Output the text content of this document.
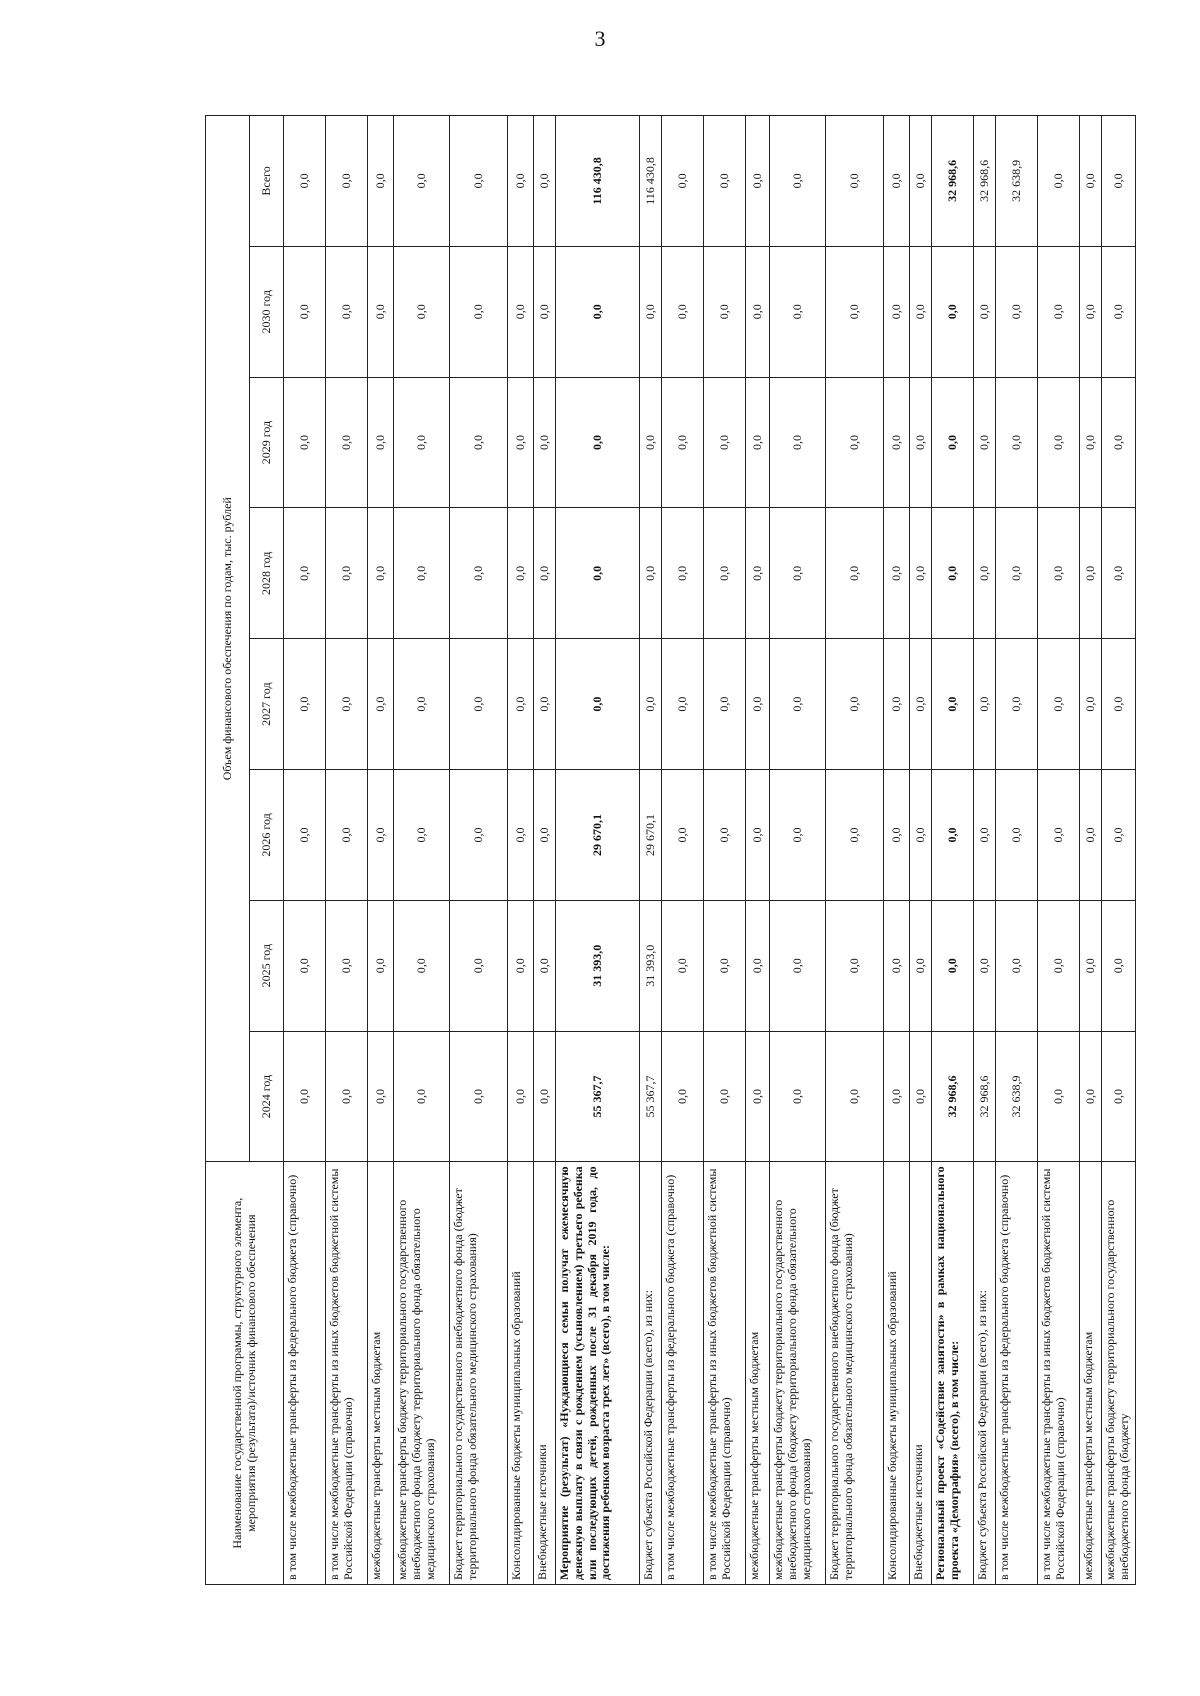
3
Наименование государственной программы, структурного элемента, мероприятия (результата)/источник финансового обеспечения	Объем финансового обеспечения по годам, тыс. рублей							
	2024 год	2025 год	2026 год	2027 год	2028 год	2029 год	2030 год	Всего
в том числе межбюджетные трансферты из федерального бюджета (справочно)	0,0	0,0	0,0	0,0	0,0	0,0	0,0	0,0
в том числе межбюджетные трансферты из иных бюджетов бюджетной системы Российской Федерации (справочно)	0,0	0,0	0,0	0,0	0,0	0,0	0,0	0,0
межбюджетные трансферты местным бюджетам	0,0	0,0	0,0	0,0	0,0	0,0	0,0	0,0
межбюджетные трансферты бюджету территориального государственного внебюджетного фонда (бюджету территориального фонда обязательного медицинского страхования)	0,0	0,0	0,0	0,0	0,0	0,0	0,0	0,0
Бюджет территориального государственного внебюджетного фонда (бюджет территориального фонда обязательного медицинского страхования)	0,0	0,0	0,0	0,0	0,0	0,0	0,0	0,0
Консолидированные бюджеты муниципальных образований	0,0	0,0	0,0	0,0	0,0	0,0	0,0	0,0
Внебюджетные источники	0,0	0,0	0,0	0,0	0,0	0,0	0,0	0,0
Мероприятие (результат) «Нуждающиеся семьи получат ежемесячную денежную выплату в связи с рождением (усыновлением) третьего ребенка или последующих детей, рожденных после 31 декабря 2019 года, до достижения ребенком возраста трех лет» (всего), в том числе:	55 367,7	31 393,0	29 670,1	0,0	0,0	0,0	0,0	116 430,8
Бюджет субъекта Российской Федерации (всего), из них:	55 367,7	31 393,0	29 670,1	0,0	0,0	0,0	0,0	116 430,8
в том числе межбюджетные трансферты из федерального бюджета (справочно)	0,0	0,0	0,0	0,0	0,0	0,0	0,0	0,0
в том числе межбюджетные трансферты из иных бюджетов бюджетной системы Российской Федерации (справочно)	0,0	0,0	0,0	0,0	0,0	0,0	0,0	0,0
межбюджетные трансферты местным бюджетам	0,0	0,0	0,0	0,0	0,0	0,0	0,0	0,0
межбюджетные трансферты бюджету территориального государственного внебюджетного фонда (бюджету территориального фонда обязательного медицинского страхования)	0,0	0,0	0,0	0,0	0,0	0,0	0,0	0,0
Бюджет территориального государственного внебюджетного фонда (бюджет территориального фонда обязательного медицинского страхования)	0,0	0,0	0,0	0,0	0,0	0,0	0,0	0,0
Консолидированные бюджеты муниципальных образований	0,0	0,0	0,0	0,0	0,0	0,0	0,0	0,0
Внебюджетные источники	0,0	0,0	0,0	0,0	0,0	0,0	0,0	0,0
Региональный проект «Содействие занятости» в рамках национального проекта «Демография» (всего), в том числе:	32 968,6	0,0	0,0	0,0	0,0	0,0	0,0	32 968,6
Бюджет субъекта Российской Федерации (всего), из них:	32 968,6	0,0	0,0	0,0	0,0	0,0	0,0	32 968,6
в том числе межбюджетные трансферты из федерального бюджета (справочно)	32 638,9	0,0	0,0	0,0	0,0	0,0	0,0	32 638,9
в том числе межбюджетные трансферты из иных бюджетов бюджетной системы Российской Федерации (справочно)	0,0	0,0	0,0	0,0	0,0	0,0	0,0	0,0
межбюджетные трансферты местным бюджетам	0,0	0,0	0,0	0,0	0,0	0,0	0,0	0,0
межбюджетные трансферты бюджету территориального государственного внебюджетного фонда (бюджету	0,0	0,0	0,0	0,0	0,0	0,0	0,0	0,0
